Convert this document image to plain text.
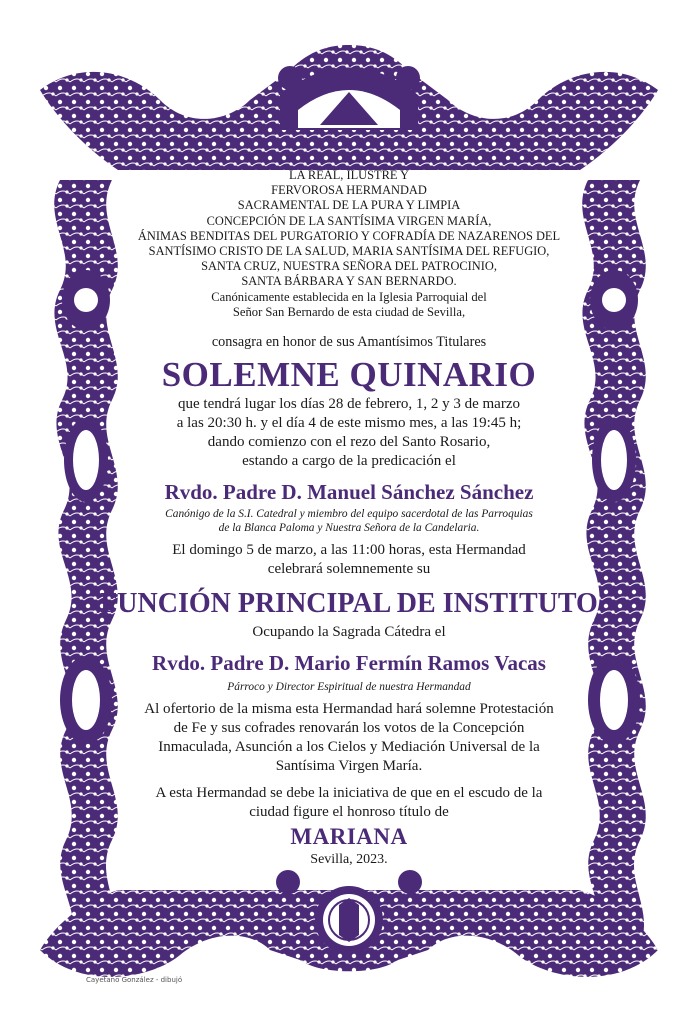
LA REAL, ILUSTRE Y
FERVOROSA HERMANDAD
SACRAMENTAL DE LA PURA Y LIMPIA
CONCEPCIÓN DE LA SANTÍSIMA VIRGEN MARÍA,
ÁNIMAS BENDITAS DEL PURGATORIO Y COFRADÍA DE NAZARENOS DEL
SANTÍSIMO CRISTO DE LA SALUD, MARIA SANTÍSIMA DEL REFUGIO,
SANTA CRUZ, NUESTRA SEÑORA DEL PATROCINIO,
SANTA BÁRBARA Y SAN BERNARDO.
Canónicamente establecida en la Iglesia Parroquial del
Señor San Bernardo de esta ciudad de Sevilla,
consagra en honor de sus Amantísimos Titulares
SOLEMNE QUINARIO
que tendrá lugar los días 28 de febrero, 1, 2 y 3 de marzo
a las 20:30 h. y el día 4 de este mismo mes, a las 19:45 h;
dando comienzo con el rezo del Santo Rosario,
estando a cargo de la predicación el
Rvdo. Padre D. Manuel Sánchez Sánchez
Canónigo de la S.I. Catedral y miembro del equipo sacerdotal de las Parroquias
de la Blanca Paloma y Nuestra Señora de la Candelaria.
El domingo 5 de marzo, a las 11:00 horas, esta Hermandad
celebrará solemnemente su
FUNCIÓN PRINCIPAL DE INSTITUTO
Ocupando la Sagrada Cátedra el
Rvdo. Padre D. Mario Fermín Ramos Vacas
Párroco y Director Espiritual de nuestra Hermandad
Al ofertorio de la misma esta Hermandad hará solemne Protestación
de Fe y sus cofrades renovarán los votos de la Concepción
Inmaculada, Asunción a los Cielos y Mediación Universal de la
Santísima Virgen María.
A esta Hermandad se debe la iniciativa de que en el escudo de la
ciudad figure el honroso título de
MARIANA
Sevilla, 2023.
Cayetano González - dibujó
